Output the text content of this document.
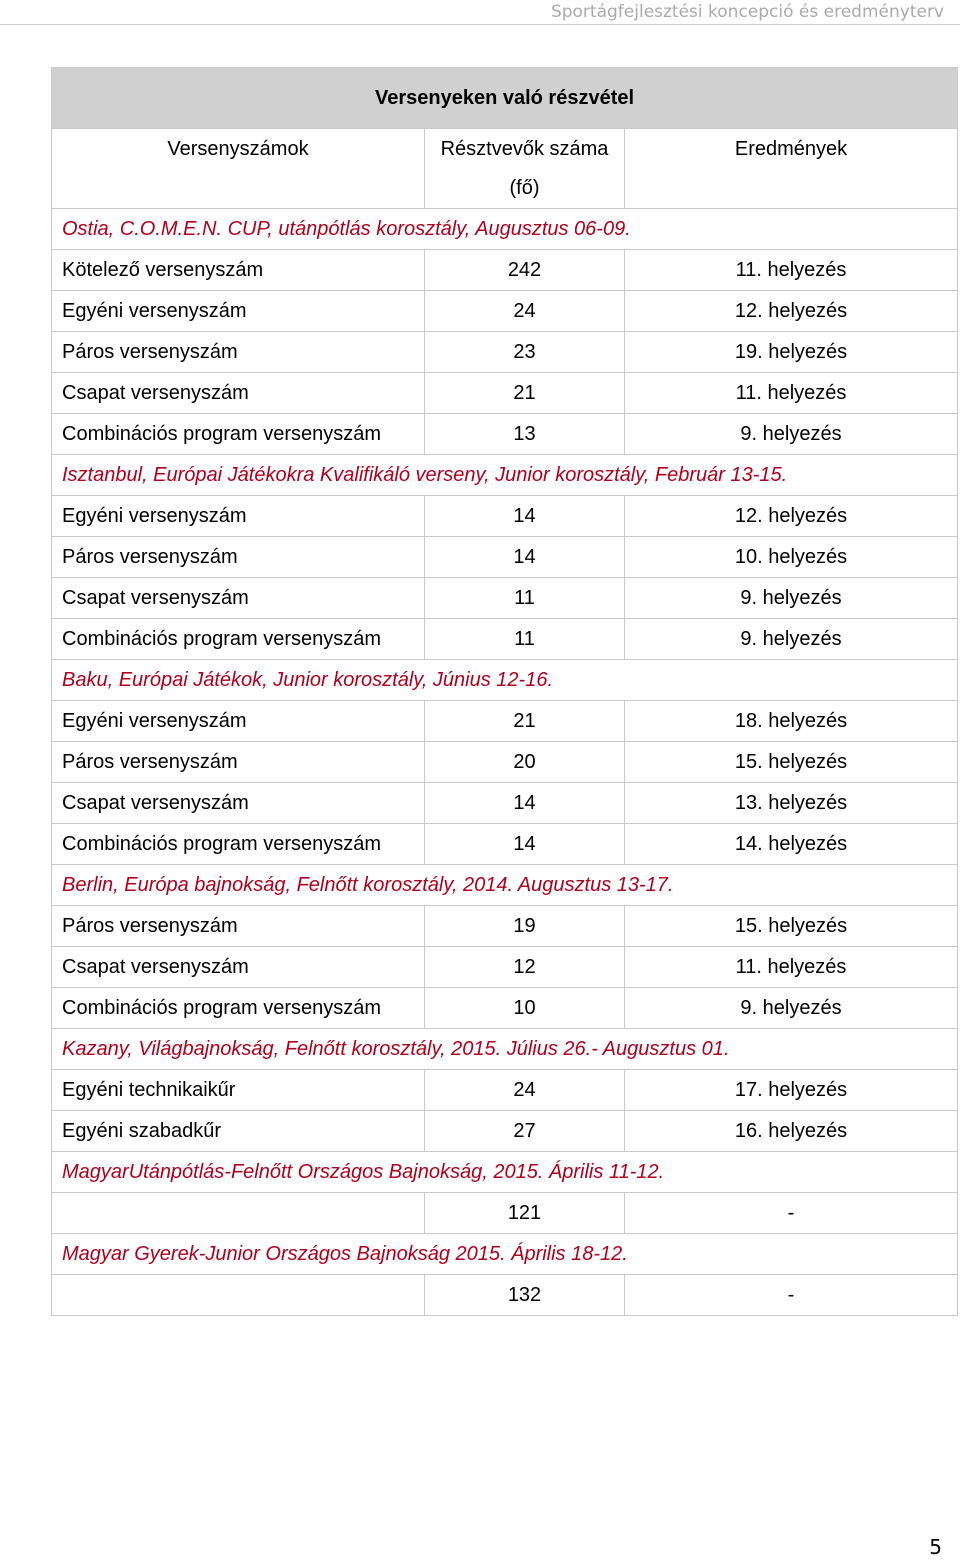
Sportágfejlesztési koncepció és eredményterv
Versenyeken való részvétel		
Versenyszámok	Résztvevők száma (fő)	Eredmények
Ostia, C.O.M.E.N. CUP, utánpótlás korosztály, Augusztus 06-09.		
Kötelező versenyszám	242	11. helyezés
Egyéni versenyszám	24	12. helyezés
Páros versenyszám	23	19. helyezés
Csapat versenyszám	21	11. helyezés
Combinációs program versenyszám	13	9. helyezés
Isztanbul, Európai Játékokra Kvalifikáló verseny, Junior korosztály, Február 13-15.		
Egyéni versenyszám	14	12. helyezés
Páros versenyszám	14	10. helyezés
Csapat versenyszám	11	9. helyezés
Combinációs program versenyszám	11	9. helyezés
Baku, Európai Játékok, Junior korosztály, Június 12-16.		
Egyéni versenyszám	21	18. helyezés
Páros versenyszám	20	15. helyezés
Csapat versenyszám	14	13. helyezés
Combinációs program versenyszám	14	14. helyezés
Berlin, Európa bajnokság, Felnőtt korosztály, 2014. Augusztus 13-17.		
Páros versenyszám	19	15. helyezés
Csapat versenyszám	12	11. helyezés
Combinációs program versenyszám	10	9. helyezés
Kazany, Világbajnokság, Felnőtt korosztály, 2015. Július 26.- Augusztus 01.		
Egyéni technikaikűr	24	17. helyezés
Egyéni szabadkűr	27	16. helyezés
MagyarUtánpótlás-Felnőtt Országos Bajnokság, 2015. Április 11-12.		
	121	-
Magyar Gyerek-Junior Országos Bajnokság 2015. Április 18-12.		
	132	-
5
